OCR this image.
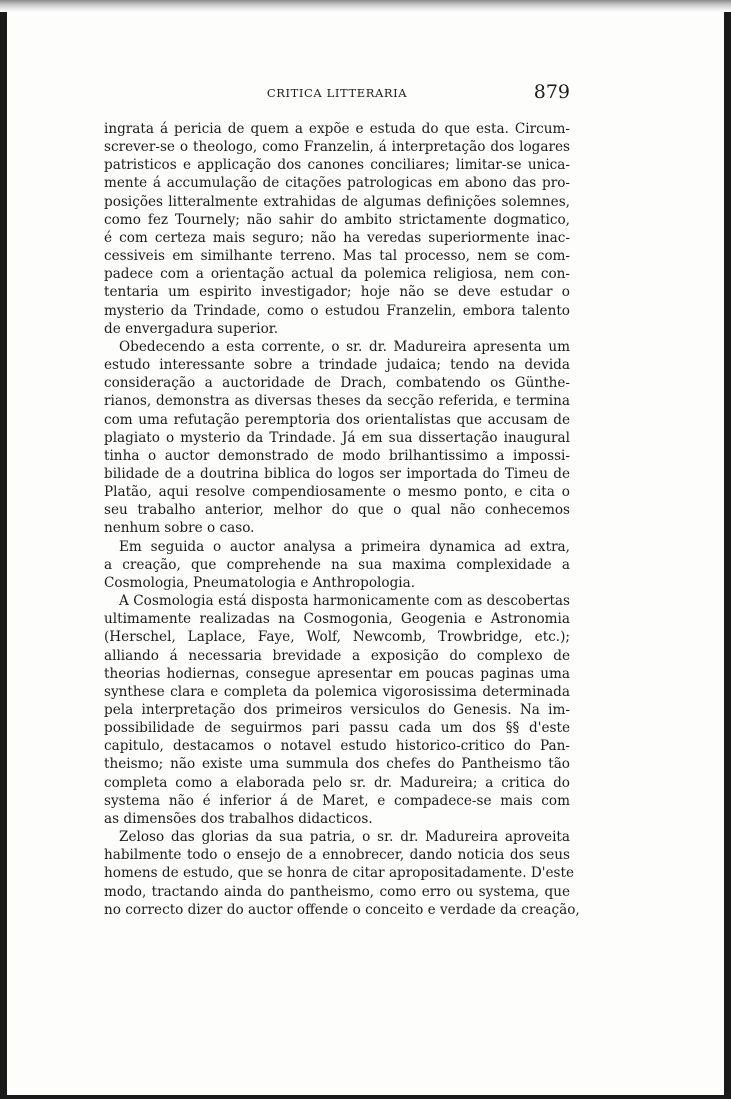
CRITICA LITTERARIA	879

ingrata á pericia de quem a expõe e estuda do que esta. Circum-
screver-se o theologo, como Franzelin, á interpretação dos logares
patristicos e applicação dos canones conciliares; limitar-se unica-
mente á accumulação de citações patrologicas em abono das pro-
posições litteralmente extrahidas de algumas definições solemnes,
como fez Tournely; não sahir do ambito strictamente dogmatico,
é com certeza mais seguro; não ha veredas superiormente inac-
cessiveis em similhante terreno. Mas tal processo, nem se com-
padece com a orientação actual da polemica religiosa, nem con-
tentaria um espirito investigador; hoje não se deve estudar o
mysterio da Trindade, como o estudou Franzelin, embora talento
de envergadura superior.

Obedecendo a esta corrente, o sr. dr. Madureira apresenta um
estudo interessante sobre a trindade judaica; tendo na devida
consideração a auctoridade de Drach, combatendo os Günthe-
rianos, demonstra as diversas theses da secção referida, e termina
com uma refutação peremptoria dos orientalistas que accusam de
plagiato o mysterio da Trindade. Já em sua dissertação inaugural
tinha o auctor demonstrado de modo brilhantissimo a impossi-
bilidade de a doutrina biblica do logos ser importada do Timeu de
Platão, aqui resolve compendiosamente o mesmo ponto, e cita o
seu trabalho anterior, melhor do que o qual não conhecemos
nenhum sobre o caso.

Em seguida o auctor analysa a primeira dynamica ad extra,
a creação, que comprehende na sua maxima complexidade a
Cosmologia, Pneumatologia e Anthropologia.

A Cosmologia está disposta harmonicamente com as descobertas
ultimamente realizadas na Cosmogonia, Geogenia e Astronomia
(Herschel, Laplace, Faye, Wolf, Newcomb, Trowbridge, etc.);
alliando á necessaria brevidade a exposição do complexo de
theorias hodiernas, consegue apresentar em poucas paginas uma
synthese clara e completa da polemica vigorosissima determinada
pela interpretação dos primeiros versiculos do Genesis. Na im-
possibilidade de seguirmos pari passu cada um dos §§ d'este
capitulo, destacamos o notavel estudo historico-critico do Pan-
theismo; não existe uma summula dos chefes do Pantheismo tão
completa como a elaborada pelo sr. dr. Madureira; a critica do
systema não é inferior á de Maret, e compadece-se mais com
as dimensões dos trabalhos didacticos.

Zeloso das glorias da sua patria, o sr. dr. Madureira aproveita
habilmente todo o ensejo de a ennobrecer, dando noticia dos seus
homens de estudo, que se honra de citar apropositadamente. D'este
modo, tractando ainda do pantheismo, como erro ou systema, que
no correcto dizer do auctor offende o conceito e verdade da creação,
